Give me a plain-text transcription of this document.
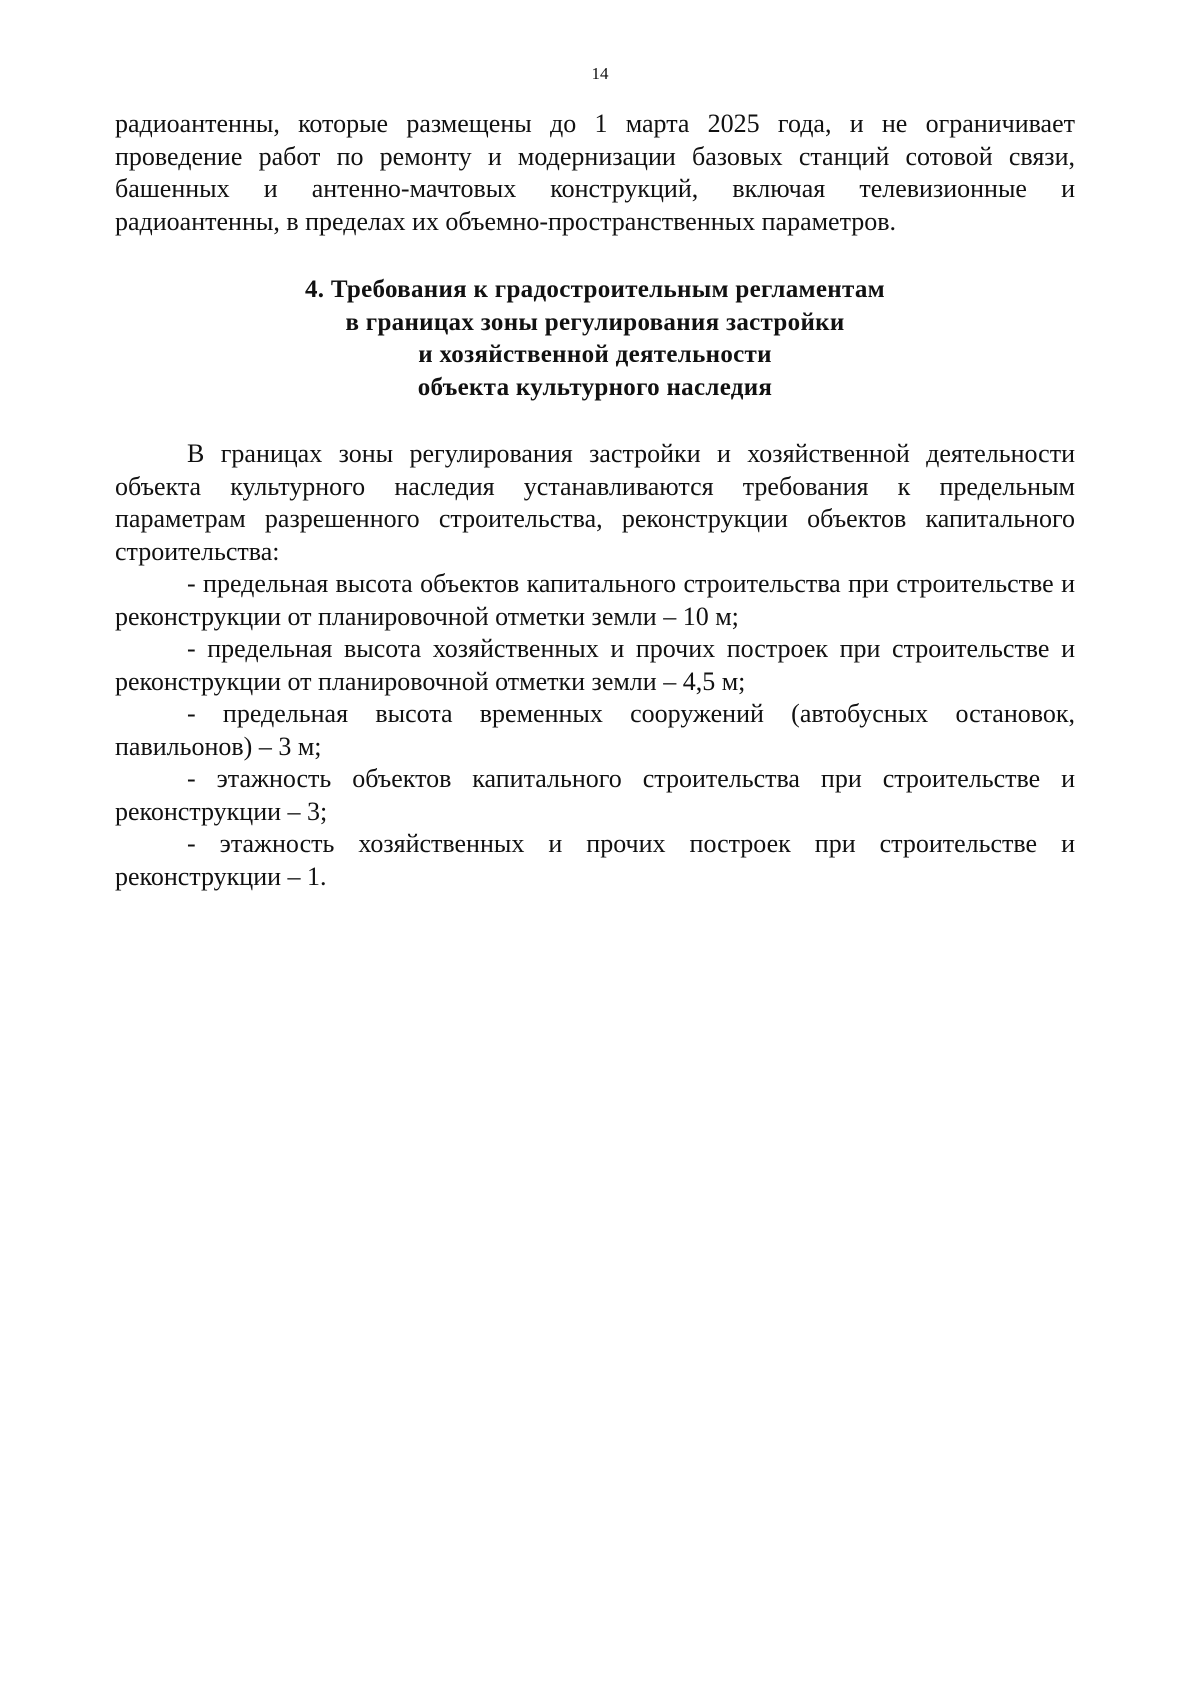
14

радиоантенны, которые размещены до 1 марта 2025 года, и не ограничивает проведение работ по ремонту и модернизации базовых станций сотовой связи, башенных и антенно-мачтовых конструкций, включая телевизионные и радиоантенны, в пределах их объемно-пространственных параметров.

4. Требования к градостроительным регламентам
в границах зоны регулирования застройки
и хозяйственной деятельности
объекта культурного наследия

В границах зоны регулирования застройки и хозяйственной деятельности объекта культурного наследия устанавливаются требования к предельным параметрам разрешенного строительства, реконструкции объектов капитального строительства:

- предельная высота объектов капитального строительства при строительстве и реконструкции от планировочной отметки земли – 10 м;

- предельная высота хозяйственных и прочих построек при строительстве и реконструкции от планировочной отметки земли – 4,5 м;

- предельная высота временных сооружений (автобусных остановок, павильонов) – 3 м;

- этажность объектов капитального строительства при строительстве и реконструкции – 3;

- этажность хозяйственных и прочих построек при строительстве и реконструкции – 1.
